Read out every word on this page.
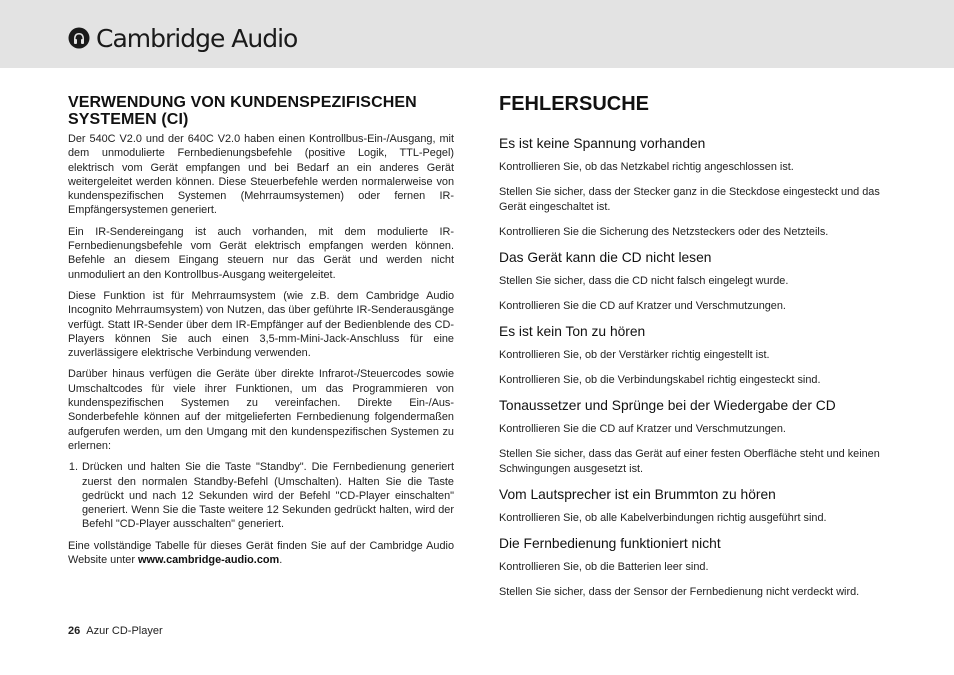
Cambridge Audio
VERWENDUNG VON KUNDENSPEZIFISCHEN SYSTEMEN (CI)

Der 540C V2.0 und der 640C V2.0 haben einen Kontrollbus-Ein-/Ausgang, mit dem unmodulierte Fernbedienungsbefehle (positive Logik, TTL-Pegel) elektrisch vom Gerät empfangen und bei Bedarf an ein anderes Gerät weitergeleitet werden können. Diese Steuerbefehle werden normalerweise von kundenspezifischen Systemen (Mehrraumsystemen) oder fernen IR-Empfängersystemen generiert.

Ein IR-Sendereingang ist auch vorhanden, mit dem modulierte IR-Fernbedienungsbefehle vom Gerät elektrisch empfangen werden können. Befehle an diesem Eingang steuern nur das Gerät und werden nicht unmoduliert an den Kontrollbus-Ausgang weitergeleitet.

Diese Funktion ist für Mehrraumsystem (wie z.B. dem Cambridge Audio Incognito Mehrraumsystem) von Nutzen, das über geführte IR-Senderausgänge verfügt. Statt IR-Sender über dem IR-Empfänger auf der Bedienblende des CD-Players können Sie auch einen 3,5-mm-Mini-Jack-Anschluss für eine zuverlässigere elektrische Verbindung verwenden.

Darüber hinaus verfügen die Geräte über direkte Infrarot-/Steuercodes sowie Umschaltcodes für viele ihrer Funktionen, um das Programmieren von kundenspezifischen Systemen zu vereinfachen. Direkte Ein-/Aus-Sonderbefehle können auf der mitgelieferten Fernbedienung folgendermaßen aufgerufen werden, um den Umgang mit den kundenspezifischen Systemen zu erlernen:

1. Drücken und halten Sie die Taste "Standby". Die Fernbedienung generiert zuerst den normalen Standby-Befehl (Umschalten). Halten Sie die Taste gedrückt und nach 12 Sekunden wird der Befehl "CD-Player einschalten" generiert. Wenn Sie die Taste weitere 12 Sekunden gedrückt halten, wird der Befehl "CD-Player ausschalten" generiert.

Eine vollständige Tabelle für dieses Gerät finden Sie auf der Cambridge Audio Website unter www.cambridge-audio.com.

FEHLERSUCHE
Es ist keine Spannung vorhanden

Kontrollieren Sie, ob das Netzkabel richtig angeschlossen ist.

Stellen Sie sicher, dass der Stecker ganz in die Steckdose eingesteckt und das Gerät eingeschaltet ist.

Kontrollieren Sie die Sicherung des Netzsteckers oder des Netzteils.

Das Gerät kann die CD nicht lesen

Stellen Sie sicher, dass die CD nicht falsch eingelegt wurde.

Kontrollieren Sie die CD auf Kratzer und Verschmutzungen.

Es ist kein Ton zu hören

Kontrollieren Sie, ob der Verstärker richtig eingestellt ist.

Kontrollieren Sie, ob die Verbindungskabel richtig eingesteckt sind.

Tonaussetzer und Sprünge bei der Wiedergabe der CD

Kontrollieren Sie die CD auf Kratzer und Verschmutzungen.

Stellen Sie sicher, dass das Gerät auf einer festen Oberfläche steht und keinen Schwingungen ausgesetzt ist.

Vom Lautsprecher ist ein Brummton zu hören

Kontrollieren Sie, ob alle Kabelverbindungen richtig ausgeführt sind.

Die Fernbedienung funktioniert nicht

Kontrollieren Sie, ob die Batterien leer sind.

Stellen Sie sicher, dass der Sensor der Fernbedienung nicht verdeckt wird.

26 Azur CD-Player
